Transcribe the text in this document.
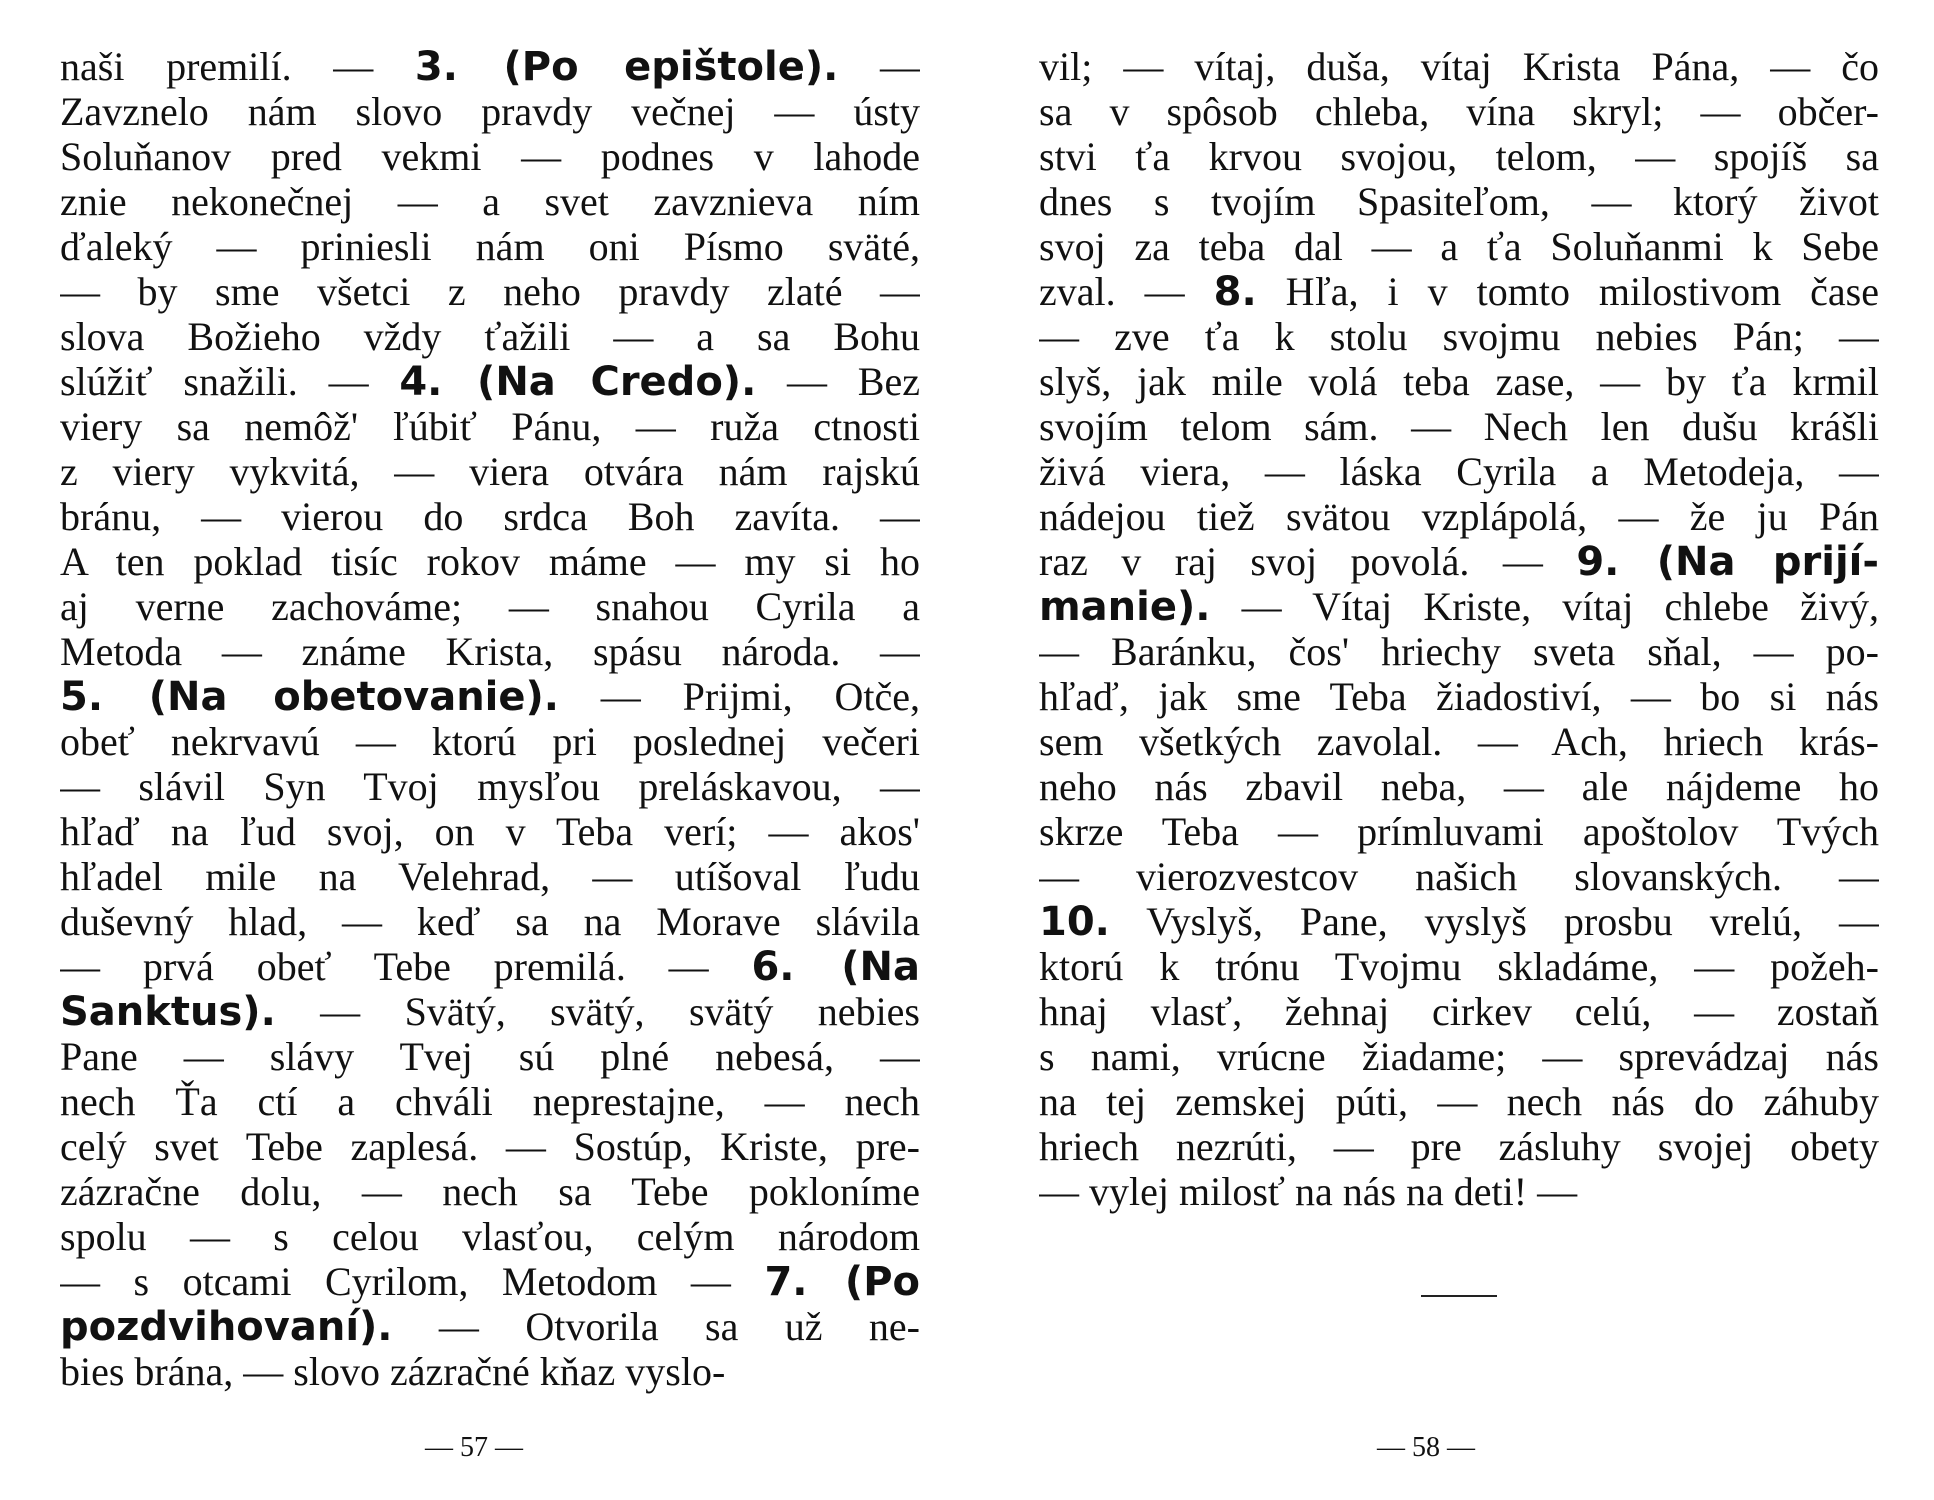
naši premilí. — 3. (Po epištole). —
Zavznelo nám slovo pravdy večnej — ústy
Soluňanov pred vekmi — podnes v lahode
znie nekonečnej — a svet zavznieva ním
ďaleký — priniesli nám oni Písmo sväté,
— by sme všetci z neho pravdy zlaté —
slova Božieho vždy ťažili — a sa Bohu
slúžiť snažili. — 4. (Na Credo). — Bez
viery sa nemôž' ľúbiť Pánu, — ruža ctnosti
z viery vykvitá, — viera otvára nám rajskú
bránu, — vierou do srdca Boh zavíta. —
A ten poklad tisíc rokov máme — my si ho
aj verne zachováme; — snahou Cyrila a
Metoda — známe Krista, spásu národa. —
5. (Na obetovanie). — Prijmi, Otče,
obeť nekrvavú — ktorú pri poslednej večeri
— slávil Syn Tvoj mysľou preláskavou, —
hľaď na ľud svoj, on v Teba verí; — akos'
hľadel mile na Velehrad, — utíšoval ľudu
duševný hlad, — keď sa na Morave slávila
— prvá obeť Tebe premilá. — 6. (Na
Sanktus). — Svätý, svätý, svätý nebies
Pane — slávy Tvej sú plné nebesá, —
nech Ťa ctí a chváli neprestajne, — nech
celý svet Tebe zaplesá. — Sostúp, Kriste, pre-
zázračne dolu, — nech sa Tebe pokloníme
spolu — s celou vlasťou, celým národom
— s otcami Cyrilom, Metodom — 7. (Po
pozdvihovaní). — Otvorila sa už ne-
bies brána, — slovo zázračné kňaz vyslo-
— 57 —
vil; — vítaj, duša, vítaj Krista Pána, — čo
sa v spôsob chleba, vína skryl; — občer-
stvi ťa krvou svojou, telom, — spojíš sa
dnes s tvojím Spasiteľom, — ktorý život
svoj za teba dal — a ťa Soluňanmi k Sebe
zval. — 8. Hľa, i v tomto milostivom čase
— zve ťa k stolu svojmu nebies Pán; —
slyš, jak mile volá teba zase, — by ťa krmil
svojím telom sám. — Nech len dušu krášli
živá viera, — láska Cyrila a Metodeja, —
nádejou tiež svätou vzplápolá, — že ju Pán
raz v raj svoj povolá. — 9. (Na prijí-
manie). — Vítaj Kriste, vítaj chlebe živý,
— Baránku, čos' hriechy sveta sňal, — po-
hľaď, jak sme Teba žiadostiví, — bo si nás
sem všetkých zavolal. — Ach, hriech krás-
neho nás zbavil neba, — ale nájdeme ho
skrze Teba — prímluvami apoštolov Tvých
— vierozvestcov našich slovanských. —
10. Vyslyš, Pane, vyslyš prosbu vrelú, —
ktorú k trónu Tvojmu skladáme, — požeh-
hnaj vlasť, žehnaj cirkev celú, — zostaň
s nami, vrúcne žiadame; — sprevádzaj nás
na tej zemskej púti, — nech nás do záhuby
hriech nezrúti, — pre zásluhy svojej obety
— vylej milosť na nás na deti! —
— 58 —
